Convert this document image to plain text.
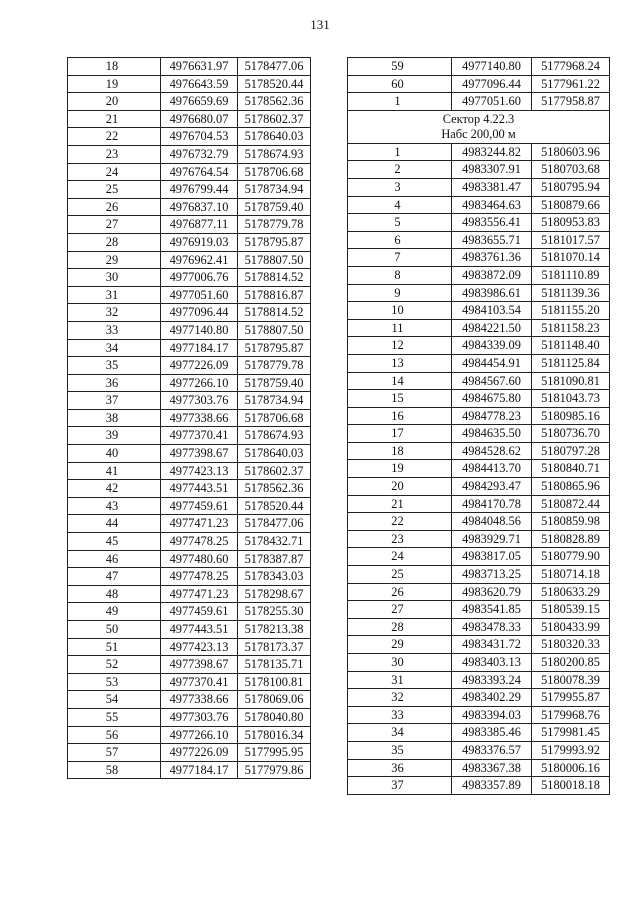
131
18	4976631.97	5178477.06
19	4976643.59	5178520.44
20	4976659.69	5178562.36
21	4976680.07	5178602.37
22	4976704.53	5178640.03
23	4976732.79	5178674.93
24	4976764.54	5178706.68
25	4976799.44	5178734.94
26	4976837.10	5178759.40
27	4976877.11	5178779.78
28	4976919.03	5178795.87
29	4976962.41	5178807.50
30	4977006.76	5178814.52
31	4977051.60	5178816.87
32	4977096.44	5178814.52
33	4977140.80	5178807.50
34	4977184.17	5178795.87
35	4977226.09	5178779.78
36	4977266.10	5178759.40
37	4977303.76	5178734.94
38	4977338.66	5178706.68
39	4977370.41	5178674.93
40	4977398.67	5178640.03
41	4977423.13	5178602.37
42	4977443.51	5178562.36
43	4977459.61	5178520.44
44	4977471.23	5178477.06
45	4977478.25	5178432.71
46	4977480.60	5178387.87
47	4977478.25	5178343.03
48	4977471.23	5178298.67
49	4977459.61	5178255.30
50	4977443.51	5178213.38
51	4977423.13	5178173.37
52	4977398.67	5178135.71
53	4977370.41	5178100.81
54	4977338.66	5178069.06
55	4977303.76	5178040.80
56	4977266.10	5178016.34
57	4977226.09	5177995.95
58	4977184.17	5177979.86
59	4977140.80	5177968.24
60	4977096.44	5177961.22
1	4977051.60	5177958.87
Сектор 4.22.3
Набс 200,00 м		
1	4983244.82	5180603.96
2	4983307.91	5180703.68
3	4983381.47	5180795.94
4	4983464.63	5180879.66
5	4983556.41	5180953.83
6	4983655.71	5181017.57
7	4983761.36	5181070.14
8	4983872.09	5181110.89
9	4983986.61	5181139.36
10	4984103.54	5181155.20
11	4984221.50	5181158.23
12	4984339.09	5181148.40
13	4984454.91	5181125.84
14	4984567.60	5181090.81
15	4984675.80	5181043.73
16	4984778.23	5180985.16
17	4984635.50	5180736.70
18	4984528.62	5180797.28
19	4984413.70	5180840.71
20	4984293.47	5180865.96
21	4984170.78	5180872.44
22	4984048.56	5180859.98
23	4983929.71	5180828.89
24	4983817.05	5180779.90
25	4983713.25	5180714.18
26	4983620.79	5180633.29
27	4983541.85	5180539.15
28	4983478.33	5180433.99
29	4983431.72	5180320.33
30	4983403.13	5180200.85
31	4983393.24	5180078.39
32	4983402.29	5179955.87
33	4983394.03	5179968.76
34	4983385.46	5179981.45
35	4983376.57	5179993.92
36	4983367.38	5180006.16
37	4983357.89	5180018.18
